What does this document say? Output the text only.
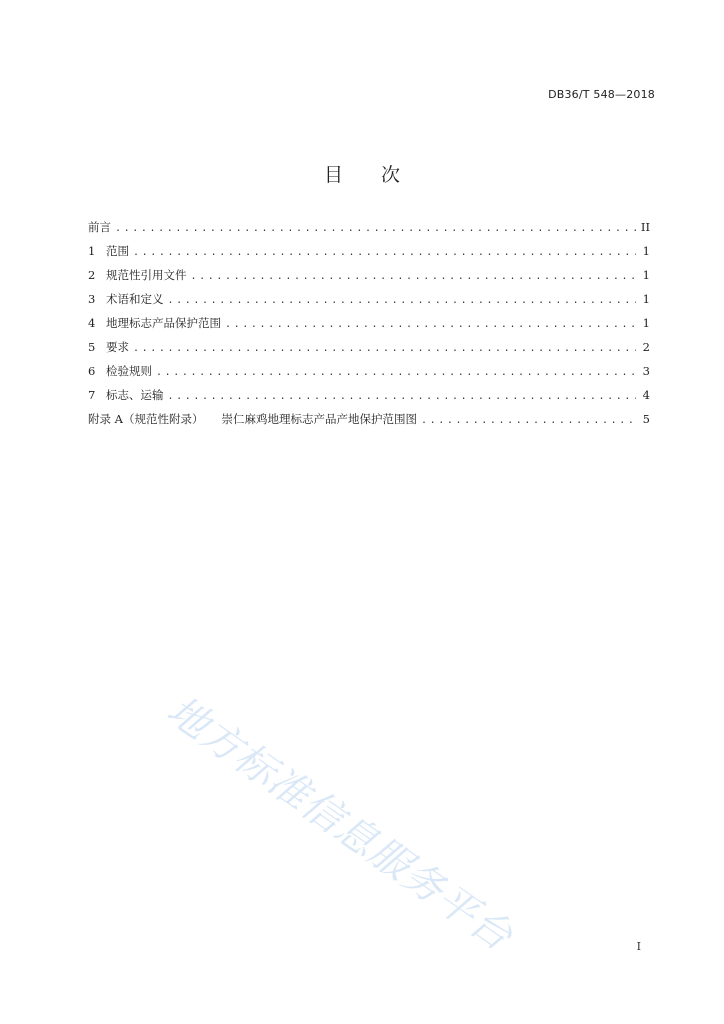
DB36/T 548—2018
目 次
前言 .....	II
1 范围 .....	1
2 规范性引用文件 .....	1
3 术语和定义 .....	1
4 地理标志产品保护范围 .....	1
5 要求 .....	2
6 检验规则 .....	3
7 标志、运输 .....	4
附录 A（规范性附录） 崇仁麻鸡地理标志产品产地保护范围图 .....	5
地方标准信息服务平台	I
